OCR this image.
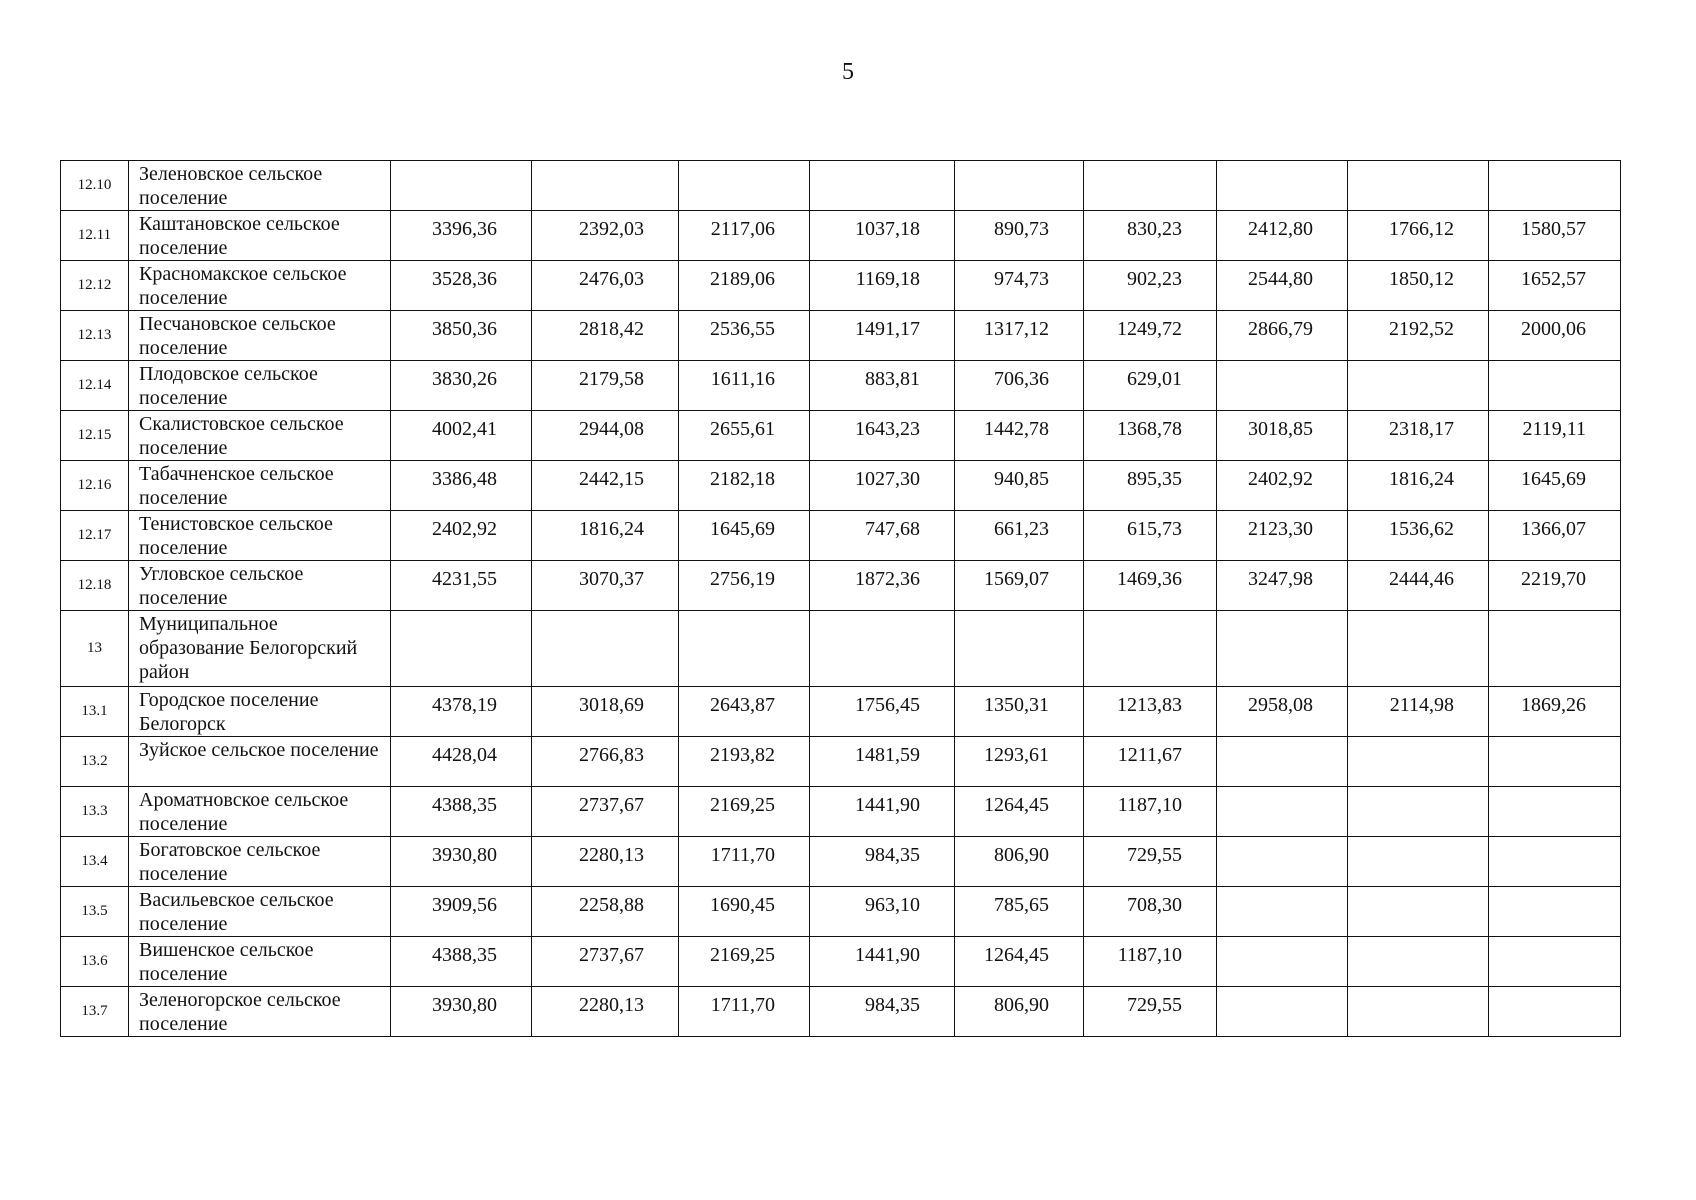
5
12.10	Зеленовское сельское поселение									
12.11	Каштановское сельское поселение	3396,36	2392,03	2117,06	1037,18	890,73	830,23	2412,80	1766,12	1580,57
12.12	Красномакское сельское поселение	3528,36	2476,03	2189,06	1169,18	974,73	902,23	2544,80	1850,12	1652,57
12.13	Песчановское сельское поселение	3850,36	2818,42	2536,55	1491,17	1317,12	1249,72	2866,79	2192,52	2000,06
12.14	Плодовское сельское поселение	3830,26	2179,58	1611,16	883,81	706,36	629,01			
12.15	Скалистовское сельское поселение	4002,41	2944,08	2655,61	1643,23	1442,78	1368,78	3018,85	2318,17	2119,11
12.16	Табачненское сельское поселение	3386,48	2442,15	2182,18	1027,30	940,85	895,35	2402,92	1816,24	1645,69
12.17	Тенистовское сельское поселение	2402,92	1816,24	1645,69	747,68	661,23	615,73	2123,30	1536,62	1366,07
12.18	Угловское сельское поселение	4231,55	3070,37	2756,19	1872,36	1569,07	1469,36	3247,98	2444,46	2219,70
13	Муниципальное образование Белогорский район									
13.1	Городское поселение Белогорск	4378,19	3018,69	2643,87	1756,45	1350,31	1213,83	2958,08	2114,98	1869,26
13.2	Зуйское сельское поселение	4428,04	2766,83	2193,82	1481,59	1293,61	1211,67			
13.3	Ароматновское сельское поселение	4388,35	2737,67	2169,25	1441,90	1264,45	1187,10			
13.4	Богатовское сельское поселение	3930,80	2280,13	1711,70	984,35	806,90	729,55			
13.5	Васильевское сельское поселение	3909,56	2258,88	1690,45	963,10	785,65	708,30			
13.6	Вишенское сельское поселение	4388,35	2737,67	2169,25	1441,90	1264,45	1187,10			
13.7	Зеленогорское сельское поселение	3930,80	2280,13	1711,70	984,35	806,90	729,55			
